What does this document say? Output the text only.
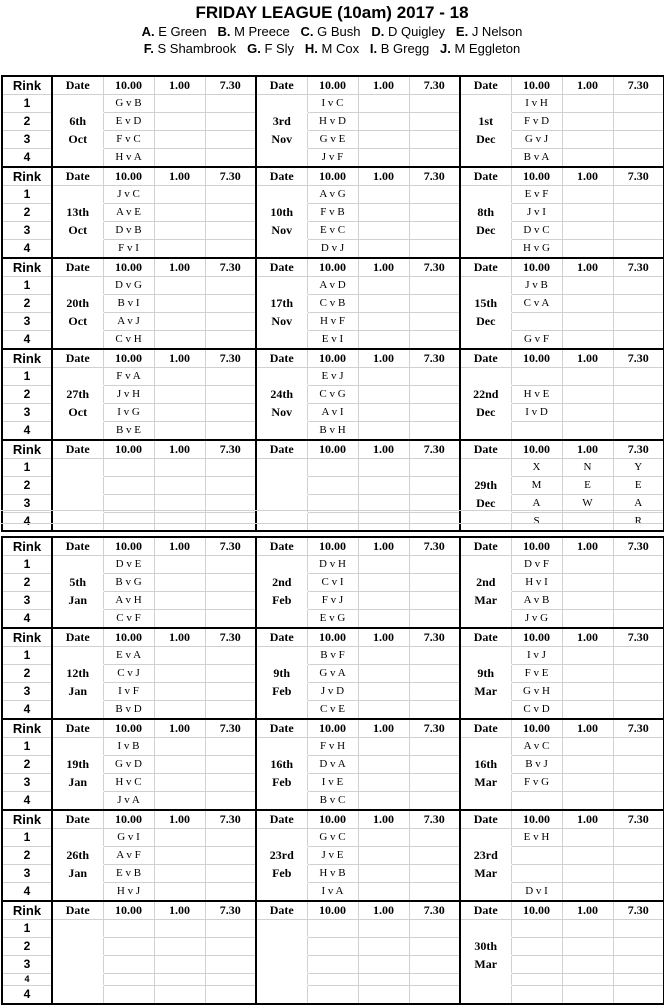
FRIDAY LEAGUE (10am) 2017 - 18
A. E Green B. M Preece C. G Bush D. D Quigley E. J Nelson
F. S Shambrook G. F Sly H. M Cox I. B Gregg J. M Eggleton
Rink	Date	10.00	1.00	7.30	Date	10.00	1.00	7.30	Date	10.00	1.00	7.30
1		G v B				I v C				I v H		
2	6th	E v D			3rd	H v D			1st	F v D		
3	Oct	F v C			Nov	G v E			Dec	G v J		
4		H v A				J v F				B v A		
Rink	Date	10.00	1.00	7.30	Date	10.00	1.00	7.30	Date	10.00	1.00	7.30
1		J v C				A v G				E v F		
2	13th	A v E			10th	F v B			8th	J v I		
3	Oct	D v B			Nov	E v C			Dec	D v C		
4		F v I				D v J				H v G		
Rink	Date	10.00	1.00	7.30	Date	10.00	1.00	7.30	Date	10.00	1.00	7.30
1		D v G				A v D				J v B		
2	20th	B v I			17th	C v B			15th	C v A		
3	Oct	A v J			Nov	H v F			Dec			
4		C v H				E v I				G v F		
Rink	Date	10.00	1.00	7.30	Date	10.00	1.00	7.30	Date	10.00	1.00	7.30
1		F v A				E v J						
2	27th	J v H			24th	C v G			22nd	H v E		
3	Oct	I v G			Nov	A v I			Dec	I v D		
4		B v E				B v H						
Rink	Date	10.00	1.00	7.30	Date	10.00	1.00	7.30	Date	10.00	1.00	7.30
1										X	N	Y
2									29th	M	E	E
3									Dec	A	W	A
4										S		R
Rink	Date	10.00	1.00	7.30	Date	10.00	1.00	7.30	Date	10.00	1.00	7.30
1		D v E				D v H				D v F		
2	5th	B v G			2nd	C v I			2nd	H v I		
3	Jan	A v H			Feb	F v J			Mar	A v B		
4		C v F				E v G				J v G		
Rink	Date	10.00	1.00	7.30	Date	10.00	1.00	7.30	Date	10.00	1.00	7.30
1		E v A				B v F				I v J		
2	12th	C v J			9th	G v A			9th	F v E		
3	Jan	I v F			Feb	J v D			Mar	G v H		
4		B v D				C v E				C v D		
Rink	Date	10.00	1.00	7.30	Date	10.00	1.00	7.30	Date	10.00	1.00	7.30
1		I v B				F v H				A v C		
2	19th	G v D			16th	D v A			16th	B v J		
3	Jan	H v C			Feb	I v E			Mar	F v G		
4		J v A				B v C						
Rink	Date	10.00	1.00	7.30	Date	10.00	1.00	7.30	Date	10.00	1.00	7.30
1		G v I				G v C				E v H		
2	26th	A v F			23rd	J v E			23rd			
3	Jan	E v B			Feb	H v B			Mar			
4		H v J				I v A				D v I		
Rink	Date	10.00	1.00	7.30	Date	10.00	1.00	7.30	Date	10.00	1.00	7.30
1												
2									30th			
3									Mar			
4												
4												
